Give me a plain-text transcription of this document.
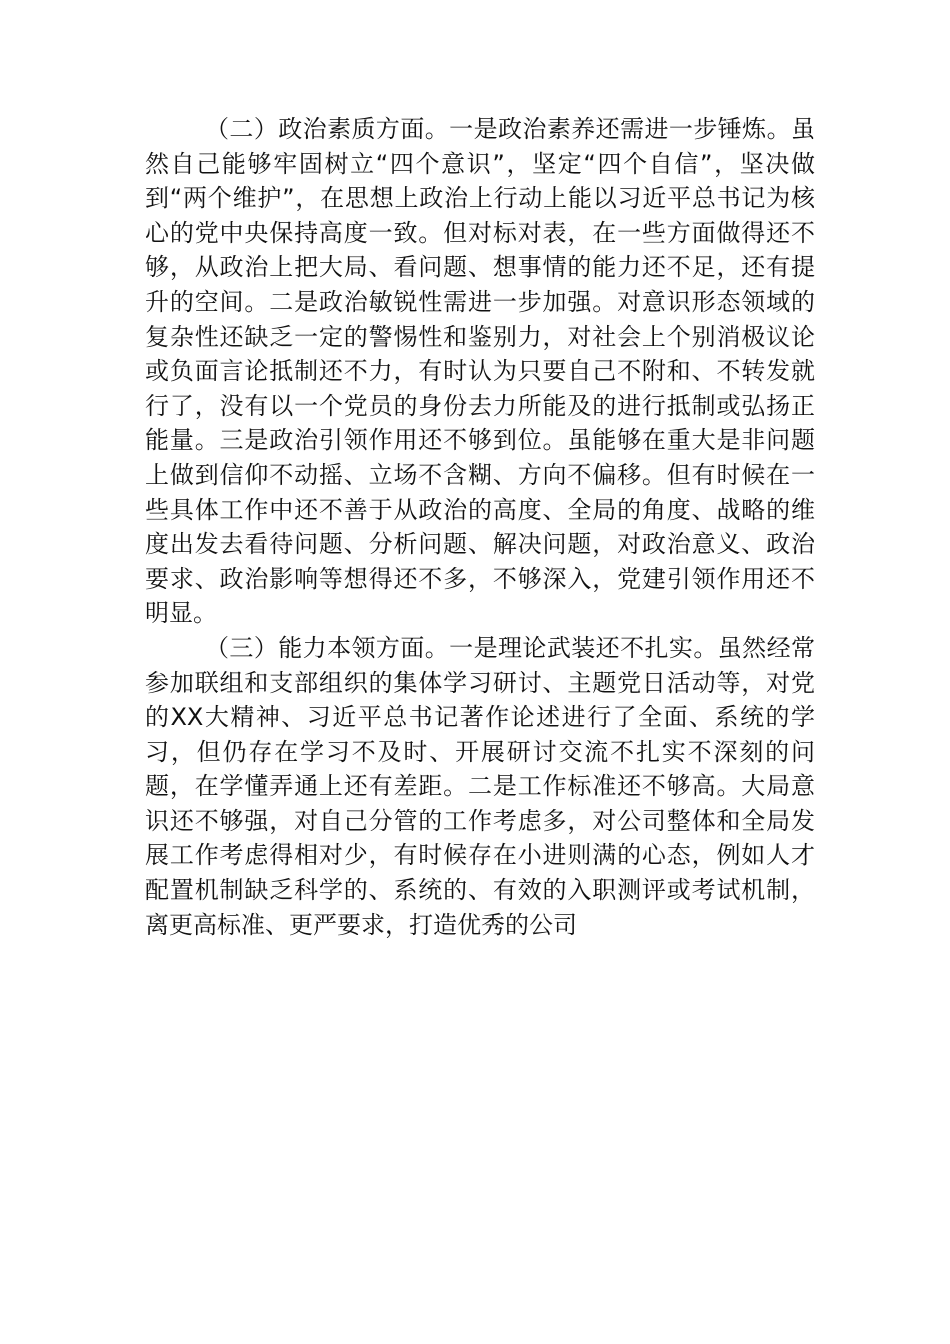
（二）政治素质方面。一是政治素养还需进一步锤炼。虽然自己能够牢固树立“四个意识”，坚定“四个自信”，坚决做到“两个维护”，在思想上政治上行动上能以习近平总书记为核心的党中央保持高度一致。但对标对表，在一些方面做得还不够，从政治上把大局、看问题、想事情的能力还不足，还有提升的空间。二是政治敏锐性需进一步加强。对意识形态领域的复杂性还缺乏一定的警惕性和鉴别力，对社会上个别消极议论或负面言论抵制还不力，有时认为只要自己不附和、不转发就行了，没有以一个党员的身份去力所能及的进行抵制或弘扬正能量。三是政治引领作用还不够到位。虽能够在重大是非问题上做到信仰不动摇、立场不含糊、方向不偏移。但有时候在一些具体工作中还不善于从政治的高度、全局的角度、战略的维度出发去看待问题、分析问题、解决问题，对政治意义、政治要求、政治影响等想得还不多，不够深入，党建引领作用还不明显。

（三）能力本领方面。一是理论武装还不扎实。虽然经常参加联组和支部组织的集体学习研讨、主题党日活动等，对党的XX大精神、习近平总书记著作论述进行了全面、系统的学习，但仍存在学习不及时、开展研讨交流不扎实不深刻的问题，在学懂弄通上还有差距。二是工作标准还不够高。大局意识还不够强，对自己分管的工作考虑多，对公司整体和全局发展工作考虑得相对少，有时候存在小进则满的心态，例如人才配置机制缺乏科学的、系统的、有效的入职测评或考试机制，离更高标准、更严要求，打造优秀的公司
